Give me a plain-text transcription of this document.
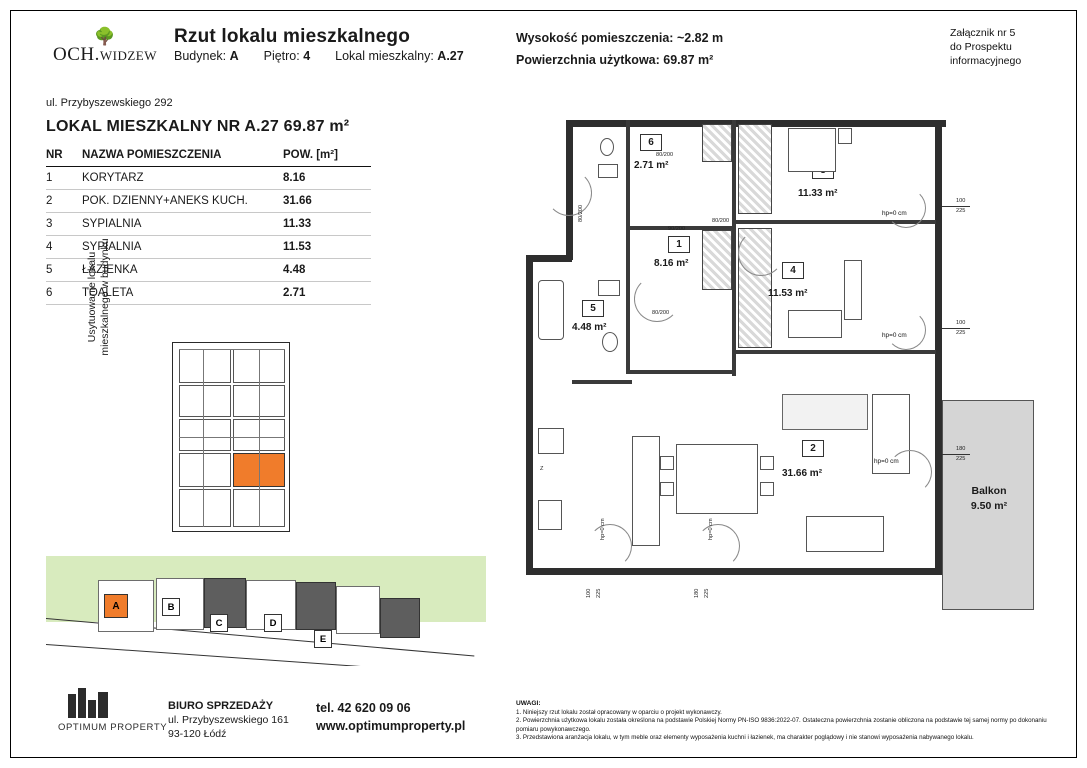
🌳
OCH.WIDZEW
Rzut lokalu mieszkalnego
Budynek: A Piętro: 4 Lokal mieszkalny: A.27
Wysokość pomieszczenia: ~2.82 m
Powierzchnia użytkowa: 69.87 m²
Załącznik nr 5
do Prospektu
informacyjnego
ul. Przybyszewskiego 292
LOKAL MIESZKALNY NR A.27 69.87 m²
NR	NAZWA POMIESZCZENIA	POW. [m²]
1	KORYTARZ	8.16
2	POK. DZIENNY+ANEKS KUCH.	31.66
3	SYPIALNIA	11.33
4	SYPIALNIA	11.53
5	ŁAZIENKA	4.48
6	TOALETA	2.71
Usytuowanie lokalu mieszkalnego w budynku
A	B
C	D
E
OPTIMUM PROPERTY
BIURO SPRZEDAŻY
ul. Przybyszewskiego 161
93-120 Łódź
tel. 42 620 09 06
www.optimumproperty.pl
UWAGI:
1. Niniejszy rzut lokalu został opracowany w oparciu o projekt wykonawczy.
2. Powierzchnia użytkowa lokalu została określona na podstawie Polskiej Normy PN-ISO 9836:2022-07. Ostateczna powierzchnia zostanie obliczona na podstawie tej samej normy po dokonaniu pomiaru powykonawczego.
3. Przedstawiona aranżacja lokalu, w tym meble oraz elementy wyposażenia kuchni i łazienek, ma charakter poglądowy i nie stanowi wyposażenia nabywanego lokalu.
Balkon
9.50 m²
6
2.71 m²
11.33 m²
4
11.53 m²
1
8.16 m²
5
4.48 m²
2
31.66 m²
Z
80/200
80/200
80/200
80/200
90/200
hp=0 cm
100
225
hp=0 cm
100
225
hp=0 cm
180
225
hp=0 cm
100 225
hp=0 cm
180 225
